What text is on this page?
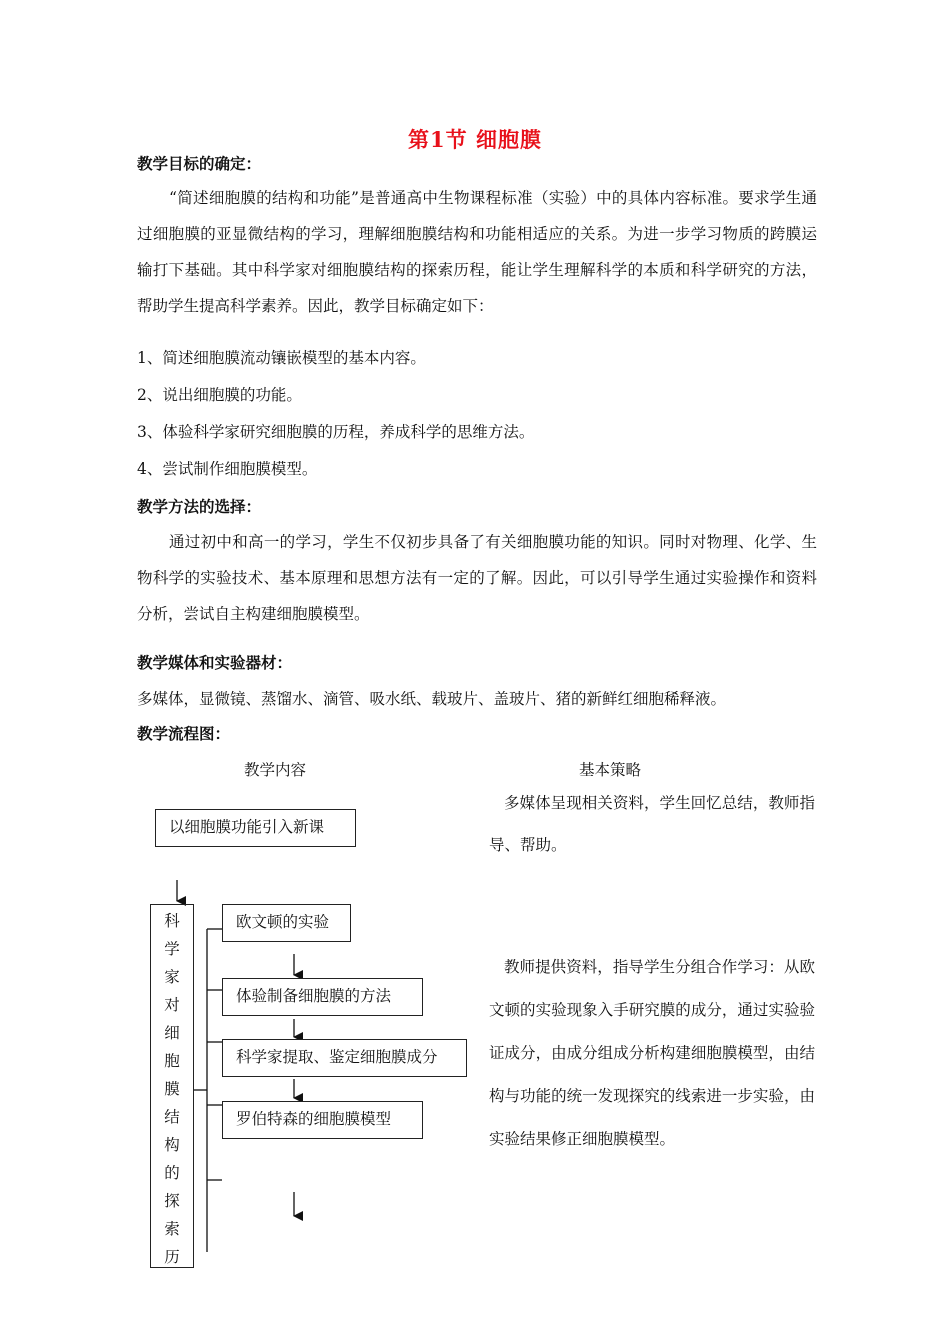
第1节 细胞膜
教学目标的确定：
“简述细胞膜的结构和功能”是普通高中生物课程标准（实验）中的具体内容标准。要求学生通过细胞膜的亚显微结构的学习，理解细胞膜结构和功能相适应的关系。为进一步学习物质的跨膜运输打下基础。其中科学家对细胞膜结构的探索历程，能让学生理解科学的本质和科学研究的方法，帮助学生提高科学素养。因此，教学目标确定如下：
1、简述细胞膜流动镶嵌模型的基本内容。
2、说出细胞膜的功能。
3、体验科学家研究细胞膜的历程，养成科学的思维方法。
4、尝试制作细胞膜模型。
教学方法的选择：
通过初中和高一的学习，学生不仅初步具备了有关细胞膜功能的知识。同时对物理、化学、生物科学的实验技术、基本原理和思想方法有一定的了解。因此，可以引导学生通过实验操作和资料分析，尝试自主构建细胞膜模型。
教学媒体和实验器材：
多媒体，显微镜、蒸馏水、滴管、吸水纸、载玻片、盖玻片、猪的新鲜红细胞稀释液。
教学流程图：
教学内容	基本策略
以细胞膜功能引入新课
科
学
家
对
细
胞
膜
结
构
的
探
索
历
欧文顿的实验
体验制备细胞膜的方法
科学家提取、鉴定细胞膜成分
罗伯特森的细胞膜模型
多媒体呈现相关资料，学生回忆总结，教师指导、帮助。
教师提供资料，指导学生分组合作学习：从欧文顿的实验现象入手研究膜的成分，通过实验验证成分，由成分组成分析构建细胞膜模型，由结构与功能的统一发现探究的线索进一步实验，由实验结果修正细胞膜模型。
